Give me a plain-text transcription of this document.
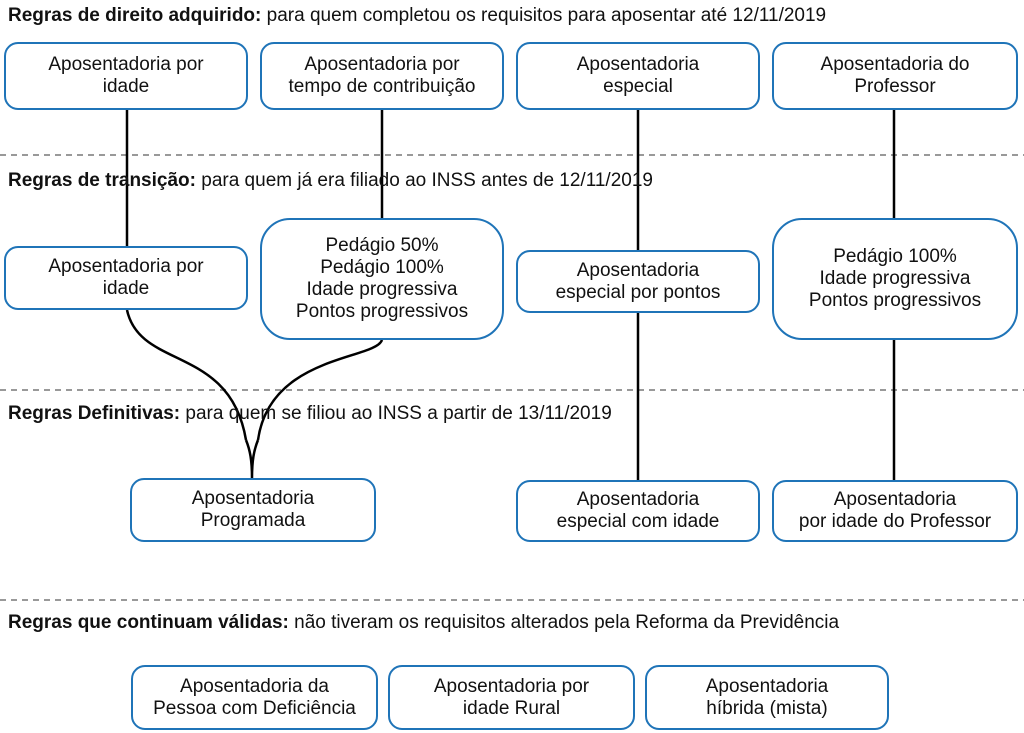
Regras de direito adquirido: para quem completou os requisitos para aposentar até 12/11/2019
Regras de transição: para quem já era filiado ao INSS antes de 12/11/2019
Regras Definitivas: para quem se filiou ao INSS a partir de 13/11/2019
Regras que continuam válidas: não tiveram os requisitos alterados pela Reforma da Previdência
Aposentadoria por
idade
Aposentadoria por
tempo de contribuição
Aposentadoria
especial
Aposentadoria do
Professor
Aposentadoria por
idade
Pedágio 50%
Pedágio 100%
Idade progressiva
Pontos progressivos
Aposentadoria
especial por pontos
Pedágio 100%
Idade progressiva
Pontos progressivos
Aposentadoria
Programada
Aposentadoria
especial com idade
Aposentadoria
por idade do Professor
Aposentadoria da
Pessoa com Deficiência
Aposentadoria por
idade Rural
Aposentadoria
híbrida (mista)
